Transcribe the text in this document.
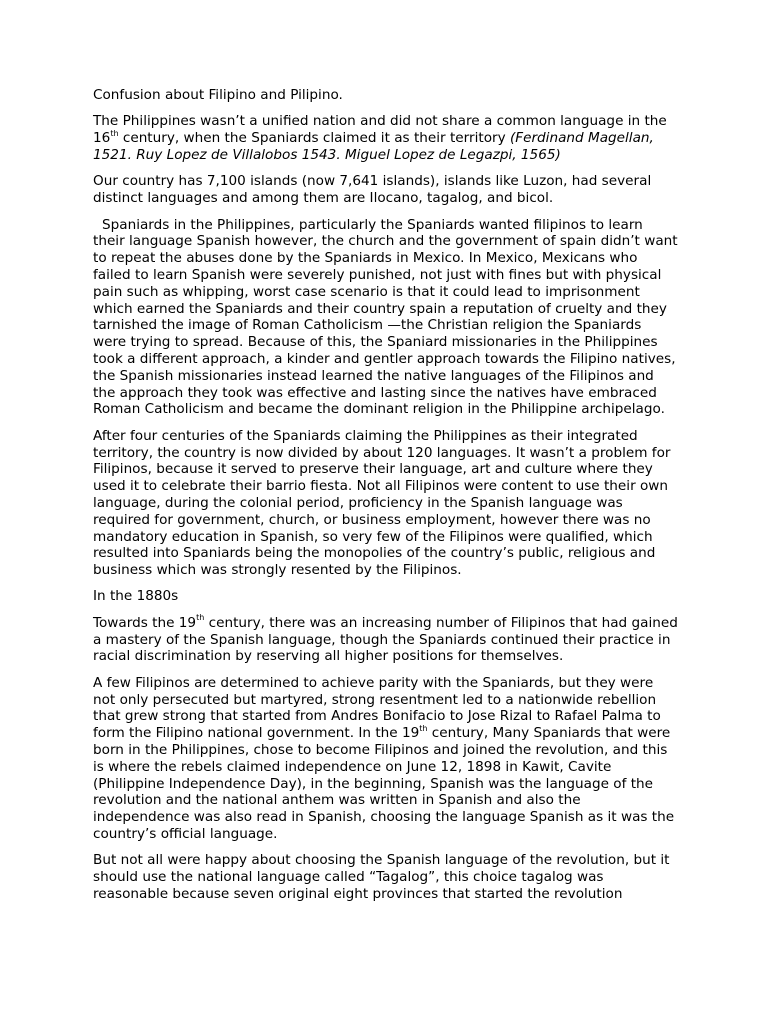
Confusion about Filipino and Pilipino.

The Philippines wasn’t a unified nation and did not share a common language in the 16th century, when the Spaniards claimed it as their territory (Ferdinand Magellan, 1521. Ruy Lopez de Villalobos 1543. Miguel Lopez de Legazpi, 1565)

Our country has 7,100 islands (now 7,641 islands), islands like Luzon, had several distinct languages and among them are Ilocano, tagalog, and bicol.

Spaniards in the Philippines, particularly the Spaniards wanted filipinos to learn their language Spanish however, the church and the government of spain didn’t want to repeat the abuses done by the Spaniards in Mexico. In Mexico, Mexicans who failed to learn Spanish were severely punished, not just with fines but with physical pain such as whipping, worst case scenario is that it could lead to imprisonment which earned the Spaniards and their country spain a reputation of cruelty and they tarnished the image of Roman Catholicism —the Christian religion the Spaniards were trying to spread. Because of this, the Spaniard missionaries in the Philippines took a different approach, a kinder and gentler approach towards the Filipino natives, the Spanish missionaries instead learned the native languages of the Filipinos and the approach they took was effective and lasting since the natives have embraced Roman Catholicism and became the dominant religion in the Philippine archipelago.

After four centuries of the Spaniards claiming the Philippines as their integrated territory, the country is now divided by about 120 languages. It wasn’t a problem for Filipinos, because it served to preserve their language, art and culture where they used it to celebrate their barrio fiesta. Not all Filipinos were content to use their own language, during the colonial period, proficiency in the Spanish language was required for government, church, or business employment, however there was no mandatory education in Spanish, so very few of the Filipinos were qualified, which resulted into Spaniards being the monopolies of the country’s public, religious and business which was strongly resented by the Filipinos.

In the 1880s

Towards the 19th century, there was an increasing number of Filipinos that had gained a mastery of the Spanish language, though the Spaniards continued their practice in racial discrimination by reserving all higher positions for themselves.

A few Filipinos are determined to achieve parity with the Spaniards, but they were not only persecuted but martyred, strong resentment led to a nationwide rebellion that grew strong that started from Andres Bonifacio to Jose Rizal to Rafael Palma to form the Filipino national government. In the 19th century, Many Spaniards that were born in the Philippines, chose to become Filipinos and joined the revolution, and this is where the rebels claimed independence on June 12, 1898 in Kawit, Cavite (Philippine Independence Day), in the beginning, Spanish was the language of the revolution and the national anthem was written in Spanish and also the independence was also read in Spanish, choosing the language Spanish as it was the country’s official language.

But not all were happy about choosing the Spanish language of the revolution, but it should use the national language called “Tagalog”, this choice tagalog was reasonable because seven original eight provinces that started the revolution
